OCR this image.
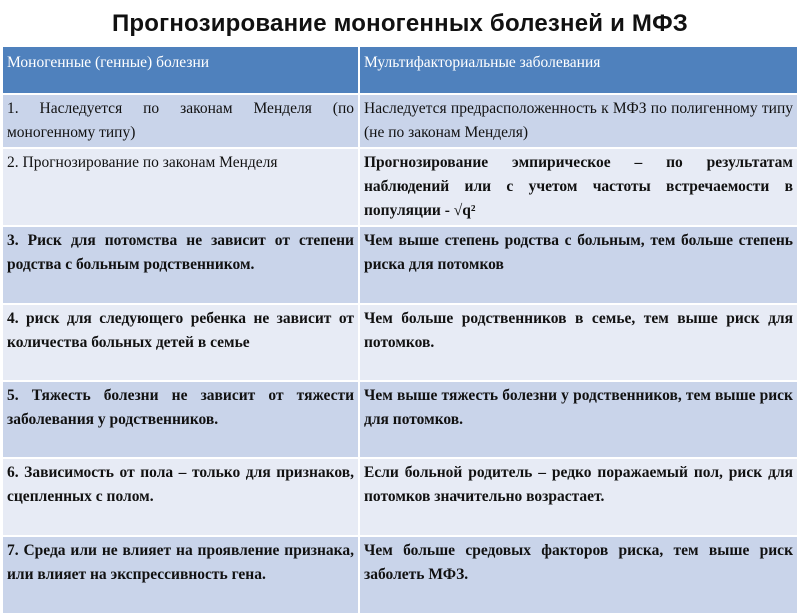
Прогнозирование моногенных болезней и МФЗ
Моногенные (генные) болезни	Мультифакториальные заболевания
1. Наследуется по законам Менделя (по моногенному типу)	Наследуется предрасположенность к МФЗ по полигенному типу (не по законам Менделя)
2. Прогнозирование по законам Менделя	Прогнозирование эмпирическое – по результатам наблюдений или с учетом частоты встречаемости в популяции - √q²
3. Риск для потомства не зависит от степени родства с больным родственником.	Чем выше степень родства с больным, тем больше степень риска для потомков
4. риск для следующего ребенка не зависит от количества больных детей в семье	Чем больше родственников в семье, тем выше риск для потомков.
5. Тяжесть болезни не зависит от тяжести заболевания у родственников.	Чем выше тяжесть болезни у родственников, тем выше риск для потомков.
6. Зависимость от пола – только для признаков, сцепленных с полом.	Если больной родитель – редко поражаемый пол, риск для потомков значительно возрастает.
7. Среда или не влияет на проявление признака, или влияет на экспрессивность гена.	Чем больше средовых факторов риска, тем выше риск заболеть МФЗ.
